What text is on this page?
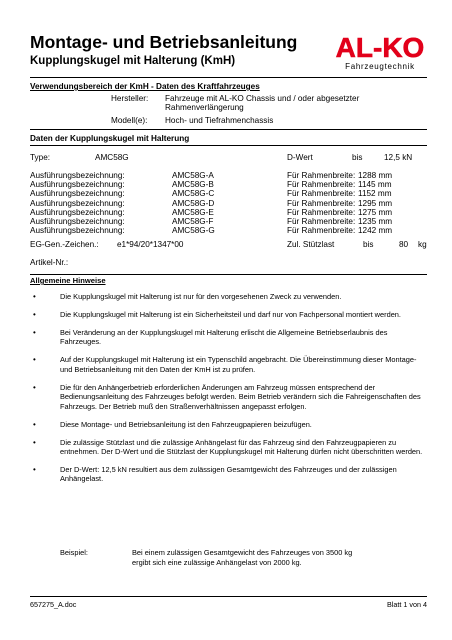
Montage- und Betriebsanleitung
Kupplungskugel mit Halterung (KmH)	AL-KO
Fahrzeugtechnik
Verwendungsbereich der KmH - Daten des Kraftfahrzeuges
Hersteller: Fahrzeuge mit AL-KO Chassis und / oder abgesetzter
Rahmenverlängerung
Modell(e): Hoch- und Tiefrahmenchassis
Daten der Kupplungskugel mit Halterung
Type:	AMC58G	D-Wert	bis	12,5 kN
Ausführungsbezeichnung:	AMC58G-A	Für Rahmenbreite: 1288 mm
Ausführungsbezeichnung:	AMC58G-B	Für Rahmenbreite: 1145 mm
Ausführungsbezeichnung:	AMC58G-C	Für Rahmenbreite: 1152 mm
Ausführungsbezeichnung:	AMC58G-D	Für Rahmenbreite: 1295 mm
Ausführungsbezeichnung:	AMC58G-E	Für Rahmenbreite: 1275 mm
Ausführungsbezeichnung:	AMC58G-F	Für Rahmenbreite: 1235 mm
Ausführungsbezeichnung:	AMC58G-G	Für Rahmenbreite: 1242 mm
EG-Gen.-Zeichen.: e1*94/20*1347*00	Zul. Stützlast	bis	80 kg
Artikel-Nr.:
Allgemeine Hinweise
•	Die Kupplungskugel mit Halterung ist nur für den vorgesehenen Zweck zu verwenden.
•	Die Kupplungskugel mit Halterung ist ein Sicherheitsteil und darf nur von Fachpersonal montiert werden.
•	Bei Veränderung an der Kupplungskugel mit Halterung erlischt die Allgemeine Betriebserlaubnis des Fahrzeuges.
•	Auf der Kupplungskugel mit Halterung ist ein Typenschild angebracht. Die Übereinstimmung dieser Montage- und Betriebsanleitung mit den Daten der KmH ist zu prüfen.
•	Die für den Anhängerbetrieb erforderlichen Änderungen am Fahrzeug müssen entsprechend der Bedienungsanleitung des Fahrzeuges befolgt werden. Beim Betrieb verändern sich die Fahreigenschaften des Fahrzeugs. Der Betrieb muß den Straßenverhältnissen angepasst erfolgen.
•	Diese Montage- und Betriebsanleitung ist den Fahrzeugpapieren beizufügen.
•	Die zulässige Stützlast und die zulässige Anhängelast für das Fahrzeug sind den Fahrzeugpapieren zu entnehmen. Der D-Wert und die Stützlast der Kupplungskugel mit Halterung dürfen nicht überschritten werden.
•	Der D-Wert: 12,5 kN resultiert aus dem zulässigen Gesamtgewicht des Fahrzeuges und der zulässigen Anhängelast.
Beispiel:	Bei einem zulässigen Gesamtgewicht des Fahrzeuges von 3500 kg
ergibt sich eine zulässige Anhängelast von 2000 kg.
657275_A.doc	Blatt 1 von 4
